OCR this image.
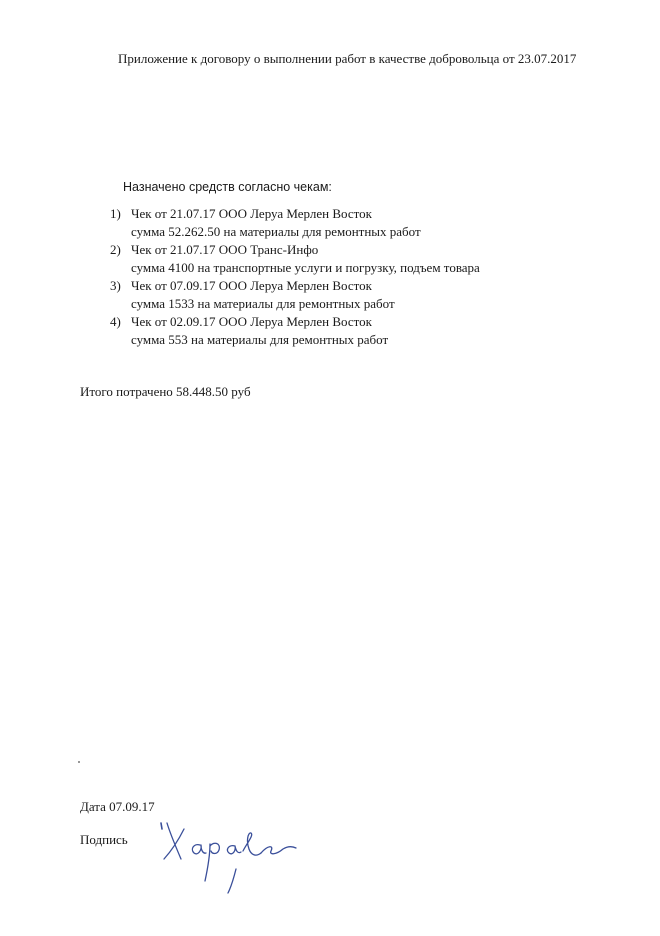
Приложение к договору о выполнении работ в качестве добровольца от 23.07.2017
Назначено средств согласно чекам:
1) Чек от 21.07.17 ООО Леруа Мерлен Восток
сумма 52.262.50 на материалы для ремонтных работ
2) Чек от 21.07.17 ООО Транс-Инфо
сумма 4100 на транспортные услуги и погрузку, подъем товара
3) Чек от 07.09.17 ООО Леруа Мерлен Восток
сумма 1533 на материалы для ремонтных работ
4) Чек от 02.09.17 ООО Леруа Мерлен Восток
сумма 553 на материалы для ремонтных работ
Итого потрачено 58.448.50 руб
Дата 07.09.17
Подпись
